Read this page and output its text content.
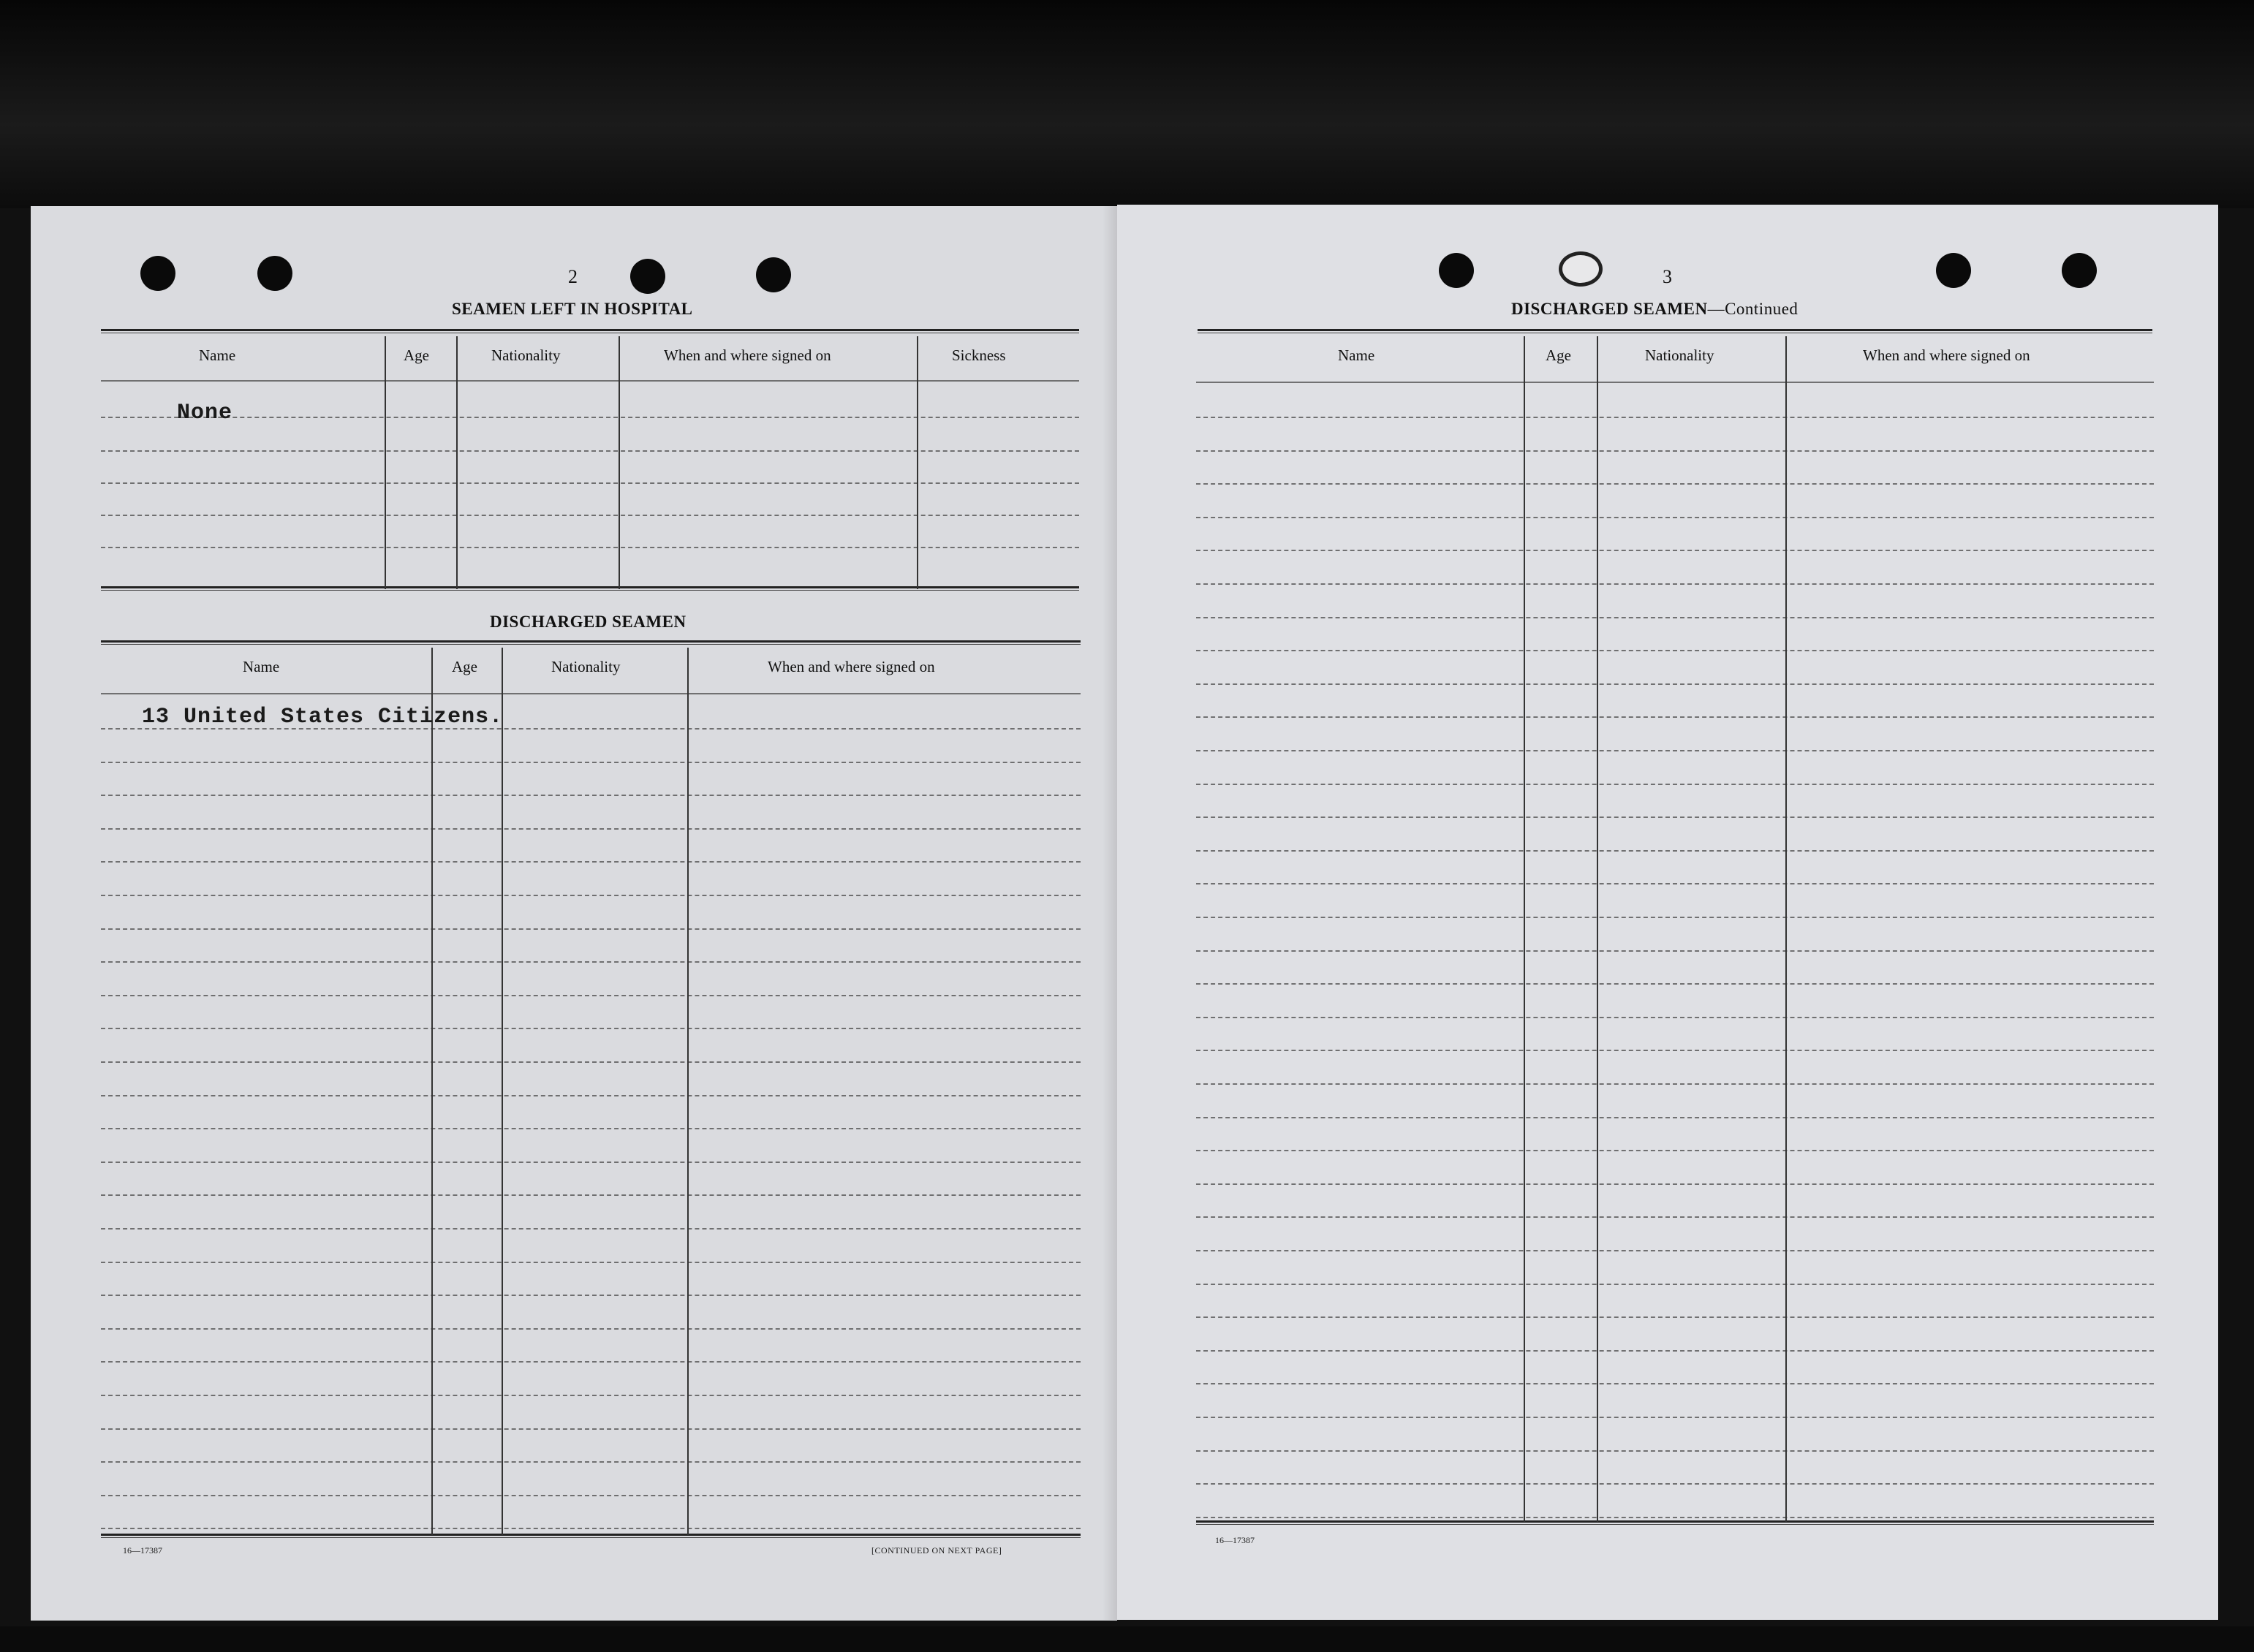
2
SEAMEN LEFT IN HOSPITAL
Name	Age	Nationality	When and where signed on	Sickness
None
DISCHARGED SEAMEN
Name	Age	Nationality	When and where signed on
13 United States Citizens.
16—17387	[CONTINUED ON NEXT PAGE]
3
DISCHARGED SEAMEN—Continued
Name	Age	Nationality	When and where signed on
16—17387
